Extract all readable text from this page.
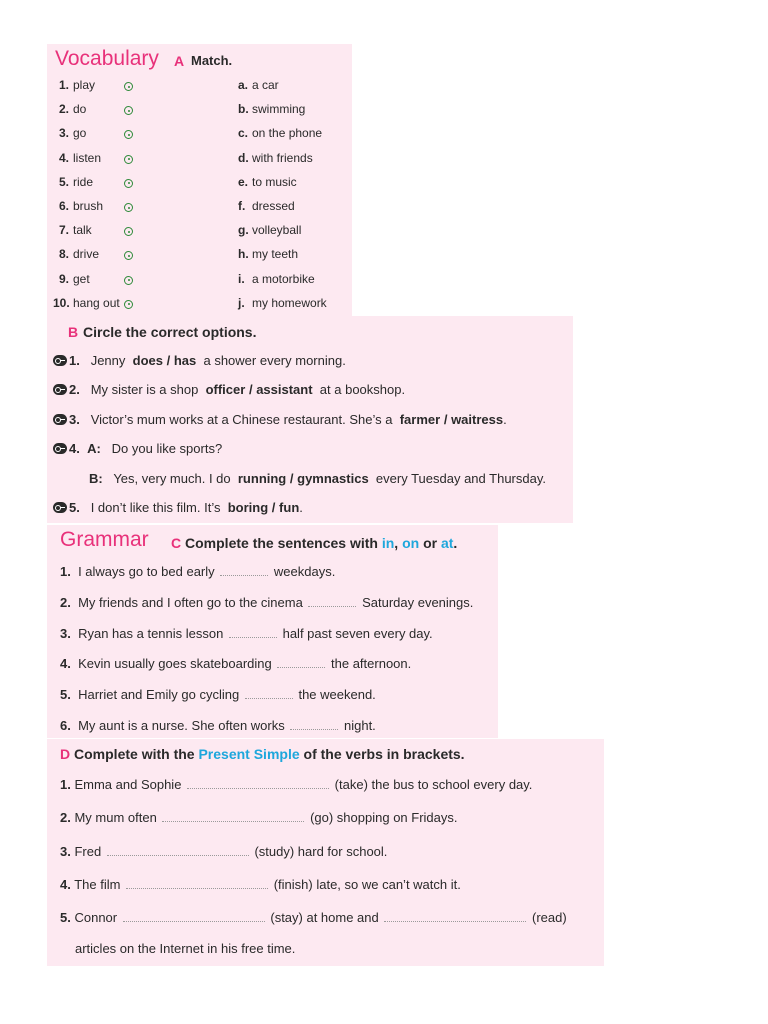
Vocabulary A Match.
1. play	a. a car
2. do	b. swimming
3. go	c. on the phone
4. listen	d. with friends
5. ride	e. to music
6. brush	f. dressed
7. talk	g. volleyball
8. drive	h. my teeth
9. get	i. a motorbike
10. hang out	j. my homework
B Circle the correct options.
1. Jenny does / has a shower every morning.
2. My sister is a shop officer / assistant at a bookshop.
3. Victor’s mum works at a Chinese restaurant. She’s a farmer / waitress.
4. A: Do you like sports?
B: Yes, very much. I do running / gymnastics every Tuesday and Thursday.
5. I don’t like this film. It’s boring / fun.
Grammar C Complete the sentences with in, on or at.
1. I always go to bed early	weekdays.
2. My friends and I often go to the cinema	Saturday evenings.
3. Ryan has a tennis lesson	half past seven every day.
4. Kevin usually goes skateboarding	the afternoon.
5. Harriet and Emily go cycling	the weekend.
6. My aunt is a nurse. She often works	night.
D Complete with the Present Simple of the verbs in brackets.
1. Emma and Sophie	(take) the bus to school every day.
2. My mum often	(go) shopping on Fridays.
3. Fred	(study) hard for school.
4. The film	(finish) late, so we can’t watch it.
5. Connor	(stay) at home and	(read)
articles on the Internet in his free time.
